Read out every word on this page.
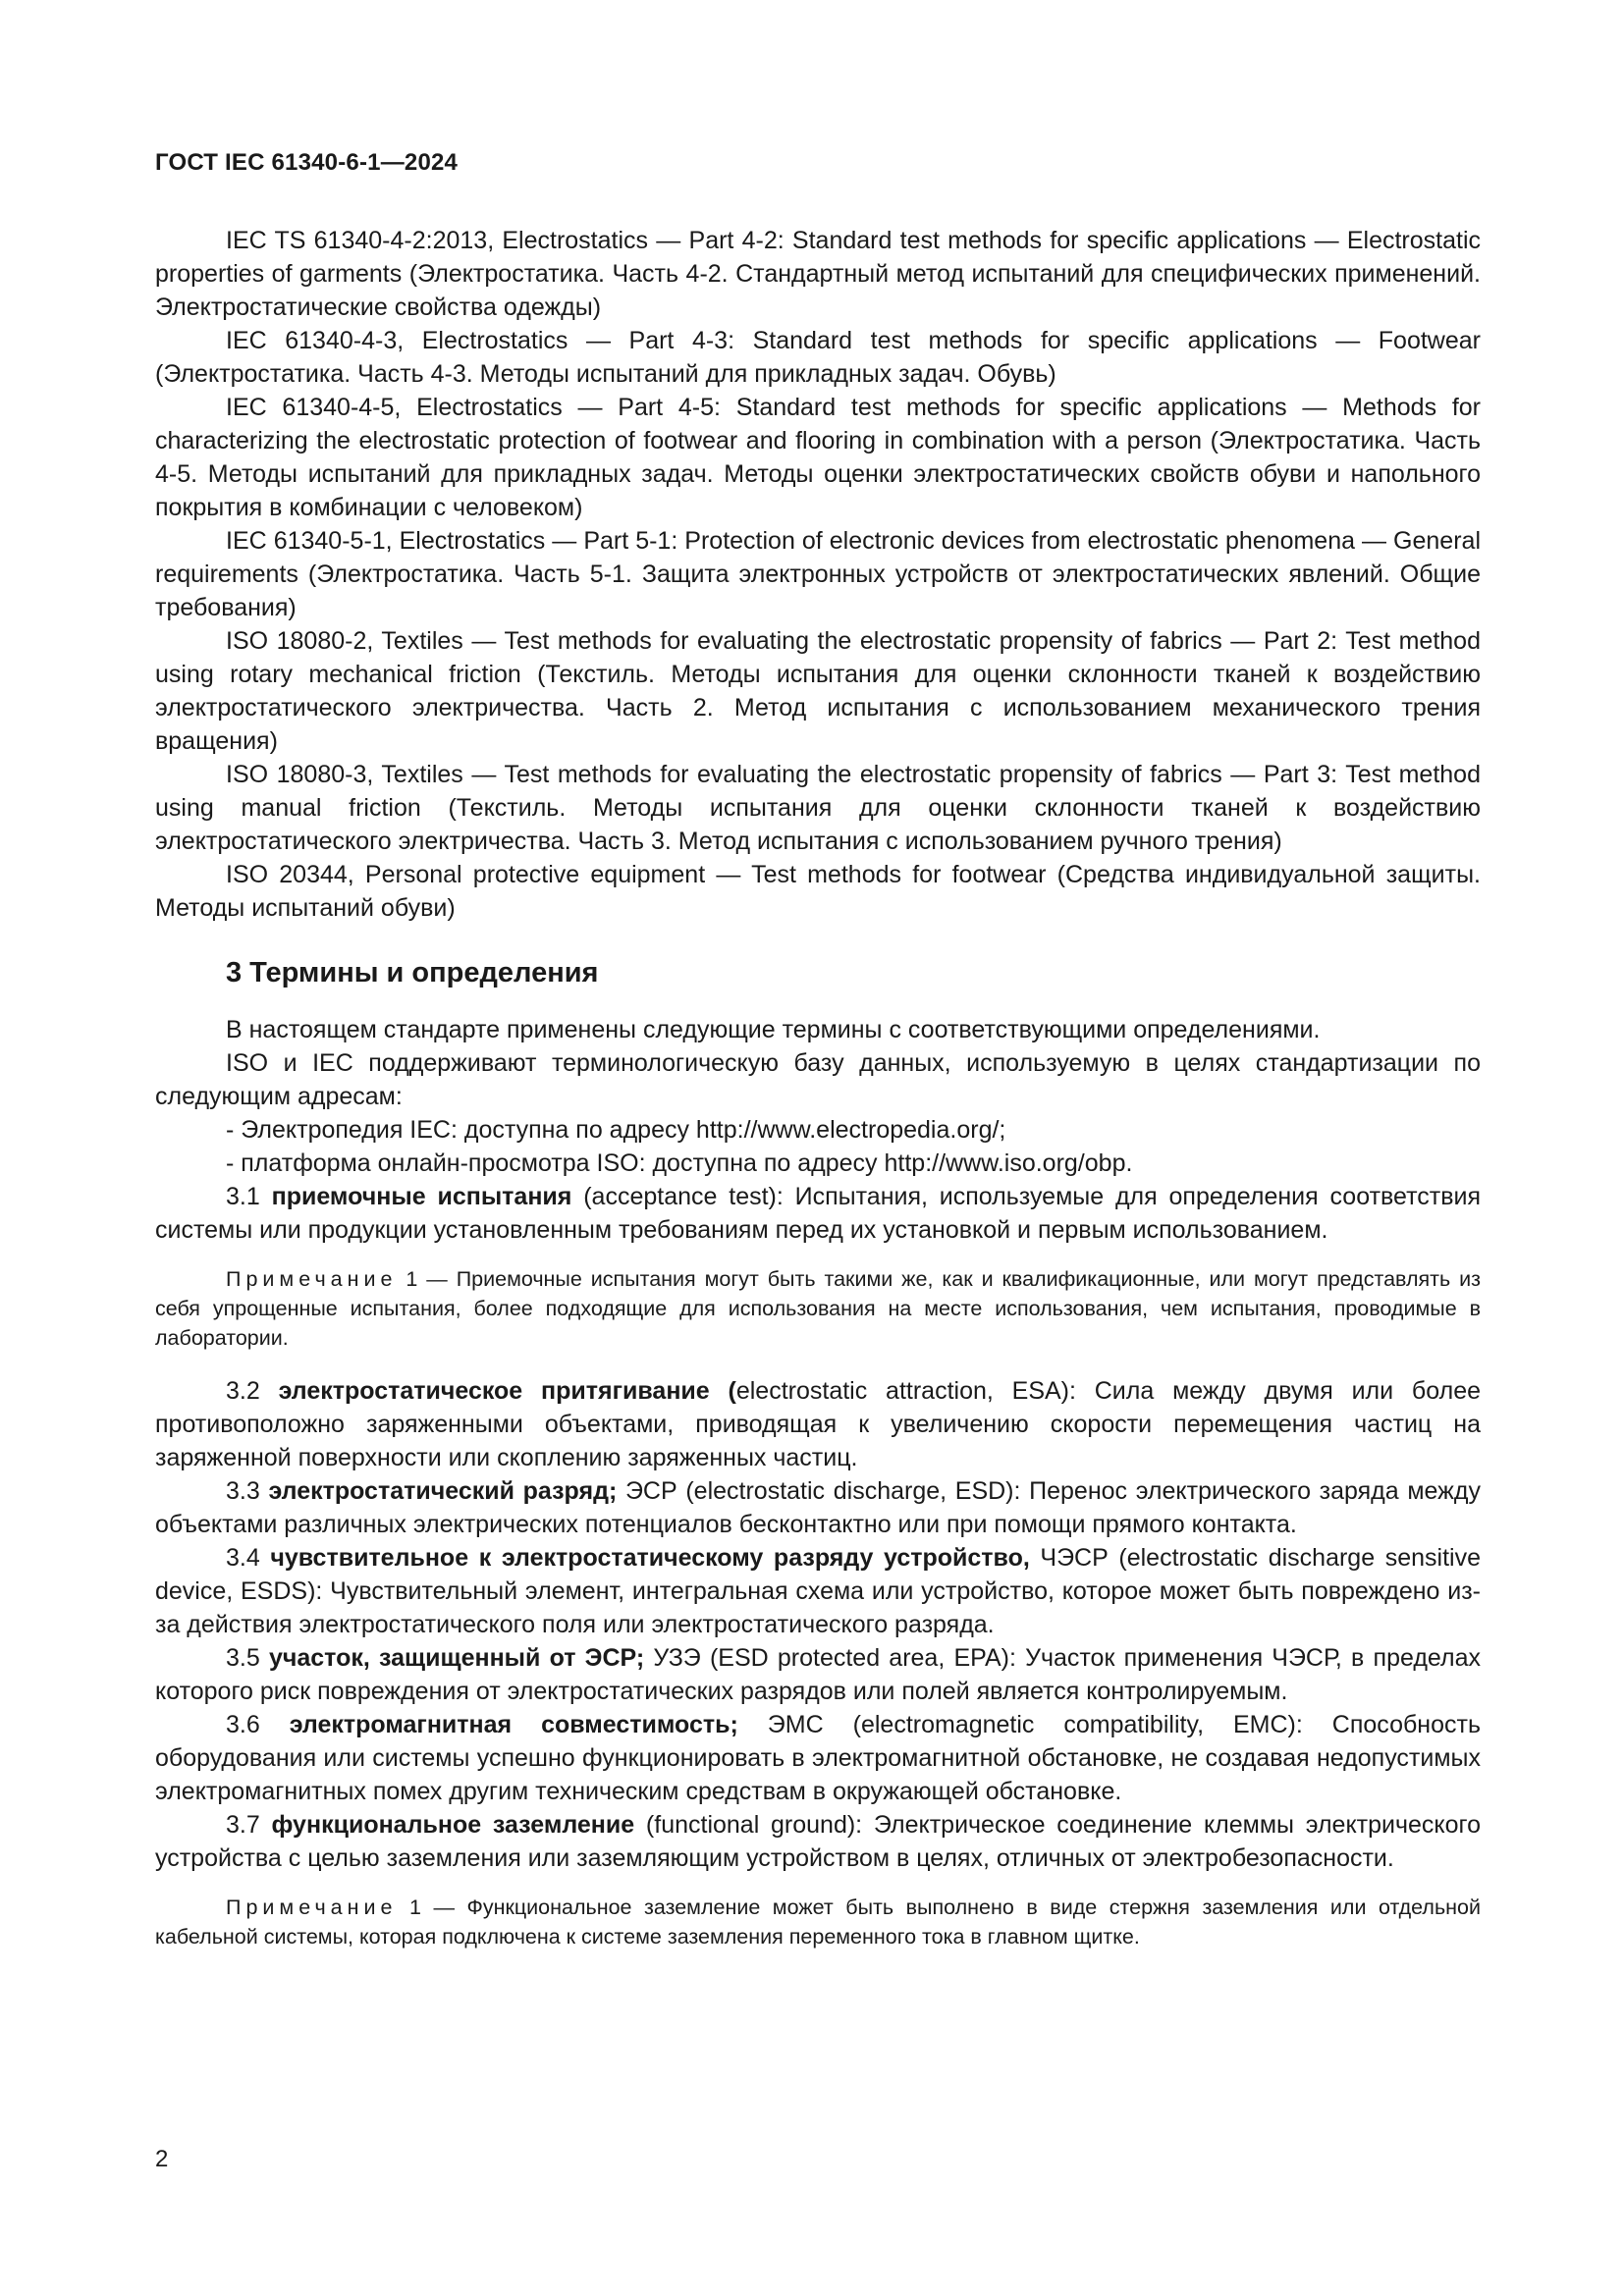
ГОСТ IEC 61340-6-1—2024

IEC TS 61340-4-2:2013, Electrostatics — Part 4-2: Standard test methods for specific applications — Electrostatic properties of garments (Электростатика. Часть 4-2. Стандартный метод испытаний для специфических применений. Электростатические свойства одежды)

IEC 61340-4-3, Electrostatics — Part 4-3: Standard test methods for specific applications — Footwear (Электростатика. Часть 4-3. Методы испытаний для прикладных задач. Обувь)

IEC 61340-4-5, Electrostatics — Part 4-5: Standard test methods for specific applications — Methods for characterizing the electrostatic protection of footwear and flooring in combination with a person (Электростатика. Часть 4-5. Методы испытаний для прикладных задач. Методы оценки электростатических свойств обуви и напольного покрытия в комбинации с человеком)

IEC 61340-5-1, Electrostatics — Part 5-1: Protection of electronic devices from electrostatic phenomena — General requirements (Электростатика. Часть 5-1. Защита электронных устройств от электростатических явлений. Общие требования)

ISO 18080-2, Textiles — Test methods for evaluating the electrostatic propensity of fabrics — Part 2: Test method using rotary mechanical friction (Текстиль. Методы испытания для оценки склонности тканей к воздействию электростатического электричества. Часть 2. Метод испытания с использованием механического трения вращения)

ISO 18080-3, Textiles — Test methods for evaluating the electrostatic propensity of fabrics — Part 3: Test method using manual friction (Текстиль. Методы испытания для оценки склонности тканей к воздействию электростатического электричества. Часть 3. Метод испытания с использованием ручного трения)

ISO 20344, Personal protective equipment — Test methods for footwear (Средства индивидуальной защиты. Методы испытаний обуви)

3 Термины и определения

В настоящем стандарте применены следующие термины с соответствующими определениями.

ISO и IEC поддерживают терминологическую базу данных, используемую в целях стандартизации по следующим адресам:

- Электропедия IEC: доступна по адресу http://www.electropedia.org/;

- платформа онлайн-просмотра ISO: доступна по адресу http://www.iso.org/obp.

3.1 приемочные испытания (acceptance test): Испытания, используемые для определения соответствия системы или продукции установленным требованиям перед их установкой и первым использованием.

Примечание 1 — Приемочные испытания могут быть такими же, как и квалификационные, или могут представлять из себя упрощенные испытания, более подходящие для использования на месте использования, чем испытания, проводимые в лаборатории.

3.2 электростатическое притягивание (electrostatic attraction, ESA): Сила между двумя или более противоположно заряженными объектами, приводящая к увеличению скорости перемещения частиц на заряженной поверхности или скоплению заряженных частиц.

3.3 электростатический разряд; ЭСР (electrostatic discharge, ESD): Перенос электрического заряда между объектами различных электрических потенциалов бесконтактно или при помощи прямого контакта.

3.4 чувствительное к электростатическому разряду устройство, ЧЭСР (electrostatic discharge sensitive device, ESDS): Чувствительный элемент, интегральная схема или устройство, которое может быть повреждено из-за действия электростатического поля или электростатического разряда.

3.5 участок, защищенный от ЭСР; УЗЭ (ESD protected area, EPA): Участок применения ЧЭСР, в пределах которого риск повреждения от электростатических разрядов или полей является контролируемым.

3.6 электромагнитная совместимость; ЭМС (electromagnetic compatibility, EMC): Способность оборудования или системы успешно функционировать в электромагнитной обстановке, не создавая недопустимых электромагнитных помех другим техническим средствам в окружающей обстановке.

3.7 функциональное заземление (functional ground): Электрическое соединение клеммы электрического устройства с целью заземления или заземляющим устройством в целях, отличных от электробезопасности.

Примечание 1 — Функциональное заземление может быть выполнено в виде стержня заземления или отдельной кабельной системы, которая подключена к системе заземления переменного тока в главном щитке.

2
